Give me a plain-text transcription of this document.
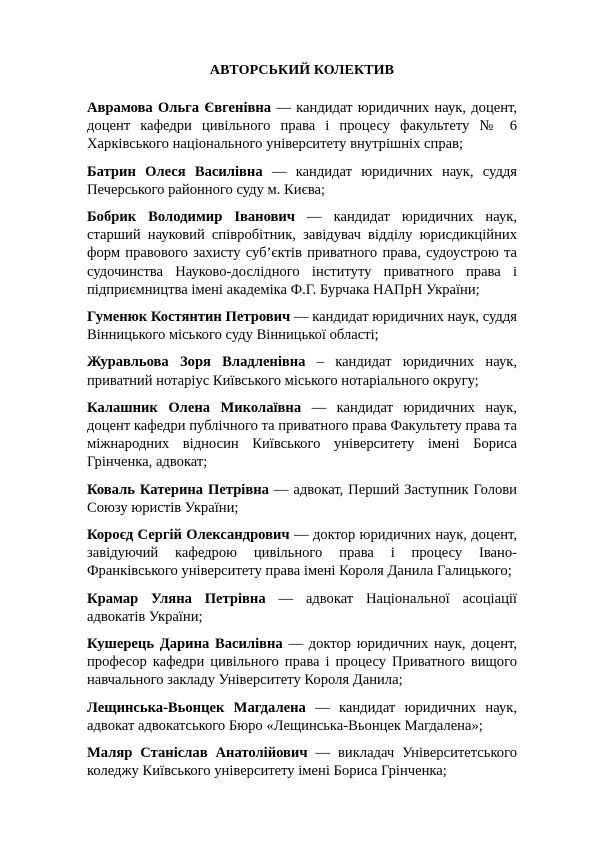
АВТОРСЬКИЙ КОЛЕКТИВ

Аврамова Ольга Євгенівна — кандидат юридичних наук, доцент, доцент кафедри цивільного права і процесу факультету № 6 Харківського національного університету внутрішніх справ;

Батрин Олеся Василівна — кандидат юридичних наук, суддя Печерського районного суду м. Києва;

Бобрик Володимир Іванович — кандидат юридичних наук, старший науковий співробітник, завідувач відділу юрисдикційних форм правового захисту суб’єктів приватного права, судоустрою та судочинства Науково-дослідного інституту приватного права і підприємництва імені академіка Ф.Г. Бурчака НАПрН України;

Гуменюк Костянтин Петрович — кандидат юридичних наук, суддя Вінницького міського суду Вінницької області;

Журавльова Зоря Владленівна – кандидат юридичних наук, приватний нотаріус Київського міського нотаріального округу;

Калашник Олена Миколаївна — кандидат юридичних наук, доцент кафедри публічного та приватного права Факультету права та міжнародних відносин Київського університету імені Бориса Грінченка, адвокат;

Коваль Катерина Петрівна — адвокат, Перший Заступник Голови Союзу юристів України;

Короєд Сергій Олександрович — доктор юридичних наук, доцент, завідуючий кафедрою цивільного права і процесу Івано-Франківського університету права імені Короля Данила Галицького;

Крамар Уляна Петрівна — адвокат Національної асоціації адвокатів України;

Кушерець Дарина Василівна — доктор юридичних наук, доцент, професор кафедри цивільного права і процесу Приватного вищого навчального закладу Університету Короля Данила;

Лещинська-Вьонцек Магдалена — кандидат юридичних наук, адвокат адвокатського Бюро «Лещинська-Вьонцек Магдалена»;

Маляр Станіслав Анатолійович — викладач Університетського коледжу Київського університету імені Бориса Грінченка;
